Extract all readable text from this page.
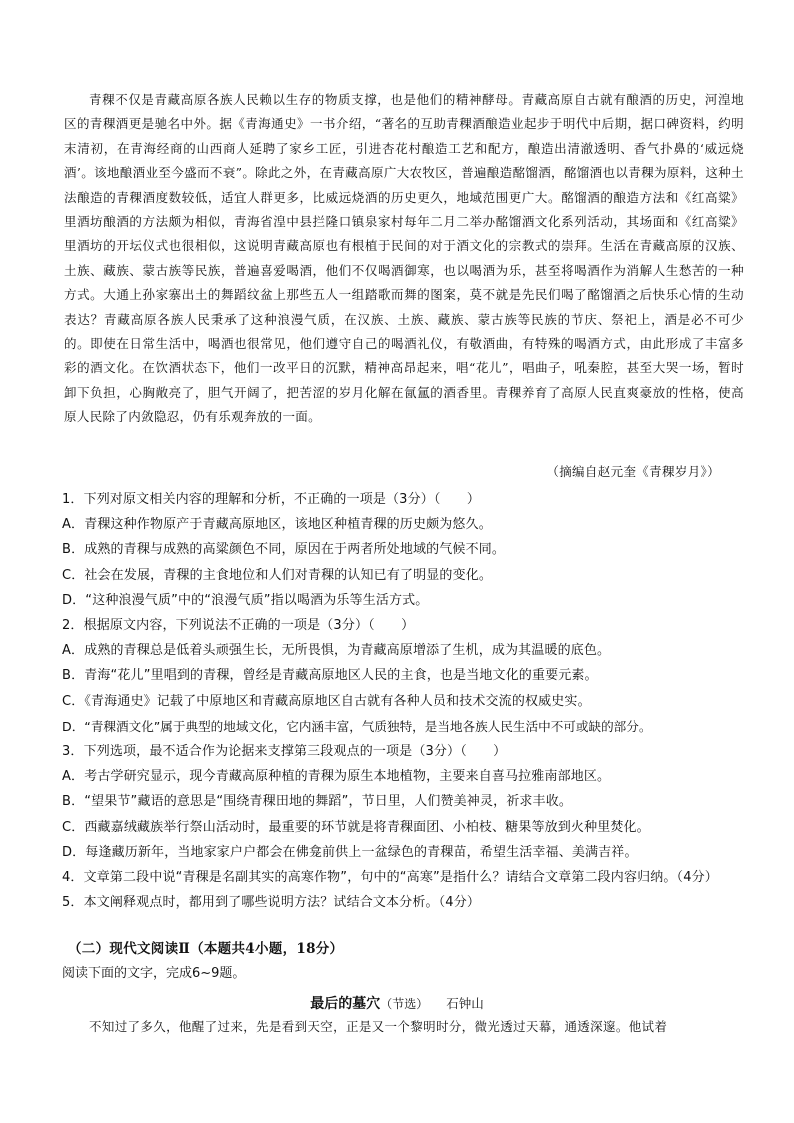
青稞不仅是青藏高原各族人民赖以生存的物质支撑，也是他们的精神酵母。青藏高原自古就有酿酒的历史，河湟地区的青稞酒更是驰名中外。据《青海通史》一书介绍，“著名的互助青稞酒酿造业起步于明代中后期，据口碑资料，约明末清初，在青海经商的山西商人延聘了家乡工匠，引进杏花村酿造工艺和配方，酿造出清澈透明、香气扑鼻的‘威远烧酒’。该地酿酒业至今盛而不衰”。除此之外，在青藏高原广大农牧区，普遍酿造酩馏酒，酩馏酒也以青稞为原料，这种土法酿造的青稞酒度数较低，适宜人群更多，比威远烧酒的历史更久，地域范围更广大。酩馏酒的酿造方法和《红高粱》里酒坊酿酒的方法颇为相似，青海省湟中县拦隆口镇泉家村每年二月二举办酩馏酒文化系列活动，其场面和《红高粱》里酒坊的开坛仪式也很相似，这说明青藏高原也有根植于民间的对于酒文化的宗教式的崇拜。生活在青藏高原的汉族、土族、藏族、蒙古族等民族，普遍喜爱喝酒，他们不仅喝酒御寒，也以喝酒为乐，甚至将喝酒作为消解人生愁苦的一种方式。大通上孙家寨出土的舞蹈纹盆上那些五人一组踏歌而舞的图案，莫不就是先民们喝了酩馏酒之后快乐心情的生动表达？青藏高原各族人民秉承了这种浪漫气质，在汉族、土族、藏族、蒙古族等民族的节庆、祭祀上，酒是必不可少的。即使在日常生活中，喝酒也很常见，他们遵守自己的喝酒礼仪，有敬酒曲，有特殊的喝酒方式，由此形成了丰富多彩的酒文化。在饮酒状态下，他们一改平日的沉默，精神高昂起来，唱“花儿”，唱曲子，吼秦腔，甚至大哭一场，暂时卸下负担，心胸敞亮了，胆气开阔了，把苦涩的岁月化解在氤氲的酒香里。青稞养育了高原人民直爽豪放的性格，使高原人民除了内敛隐忍，仍有乐观奔放的一面。

（摘编自赵元奎《青稞岁月》）
1．下列对原文相关内容的理解和分析，不正确的一项是（3分）（　　）
A．青稞这种作物原产于青藏高原地区，该地区种植青稞的历史颇为悠久。
B．成熟的青稞与成熟的高粱颜色不同，原因在于两者所处地域的气候不同。
C．社会在发展，青稞的主食地位和人们对青稞的认知已有了明显的变化。
D．“这种浪漫气质”中的“浪漫气质”指以喝酒为乐等生活方式。
2．根据原文内容，下列说法不正确的一项是（3分）（　　）
A．成熟的青稞总是低着头顽强生长，无所畏惧，为青藏高原增添了生机，成为其温暖的底色。
B．青海“花儿”里唱到的青稞，曾经是青藏高原地区人民的主食，也是当地文化的重要元素。
C．《青海通史》记载了中原地区和青藏高原地区自古就有各种人员和技术交流的权威史实。
D．“青稞酒文化”属于典型的地域文化，它内涵丰富，气质独特，是当地各族人民生活中不可或缺的部分。
3．下列选项，最不适合作为论据来支撑第三段观点的一项是（3分）（　　）
A．考古学研究显示，现今青藏高原种植的青稞为原生本地植物，主要来自喜马拉雅南部地区。
B．“望果节”藏语的意思是“围绕青稞田地的舞蹈”，节日里，人们赞美神灵，祈求丰收。
C．西藏嘉绒藏族举行祭山活动时，最重要的环节就是将青稞面团、小柏枝、糖果等放到火种里焚化。
D．每逢藏历新年，当地家家户户都会在佛龛前供上一盆绿色的青稞苗，希望生活幸福、美满吉祥。
4．文章第二段中说“青稞是名副其实的高寒作物”，句中的“高寒”是指什么？请结合文章第二段内容归纳。（4分）
5．本文阐释观点时，都用到了哪些说明方法？试结合文本分析。（4分）
（二）现代文阅读Ⅱ（本题共4小题，18分）
阅读下面的文字，完成6~9题。
最后的墓穴（节选） 石钟山
不知过了多久，他醒了过来，先是看到天空，正是又一个黎明时分，微光透过天幕，通透深邃。他试着
